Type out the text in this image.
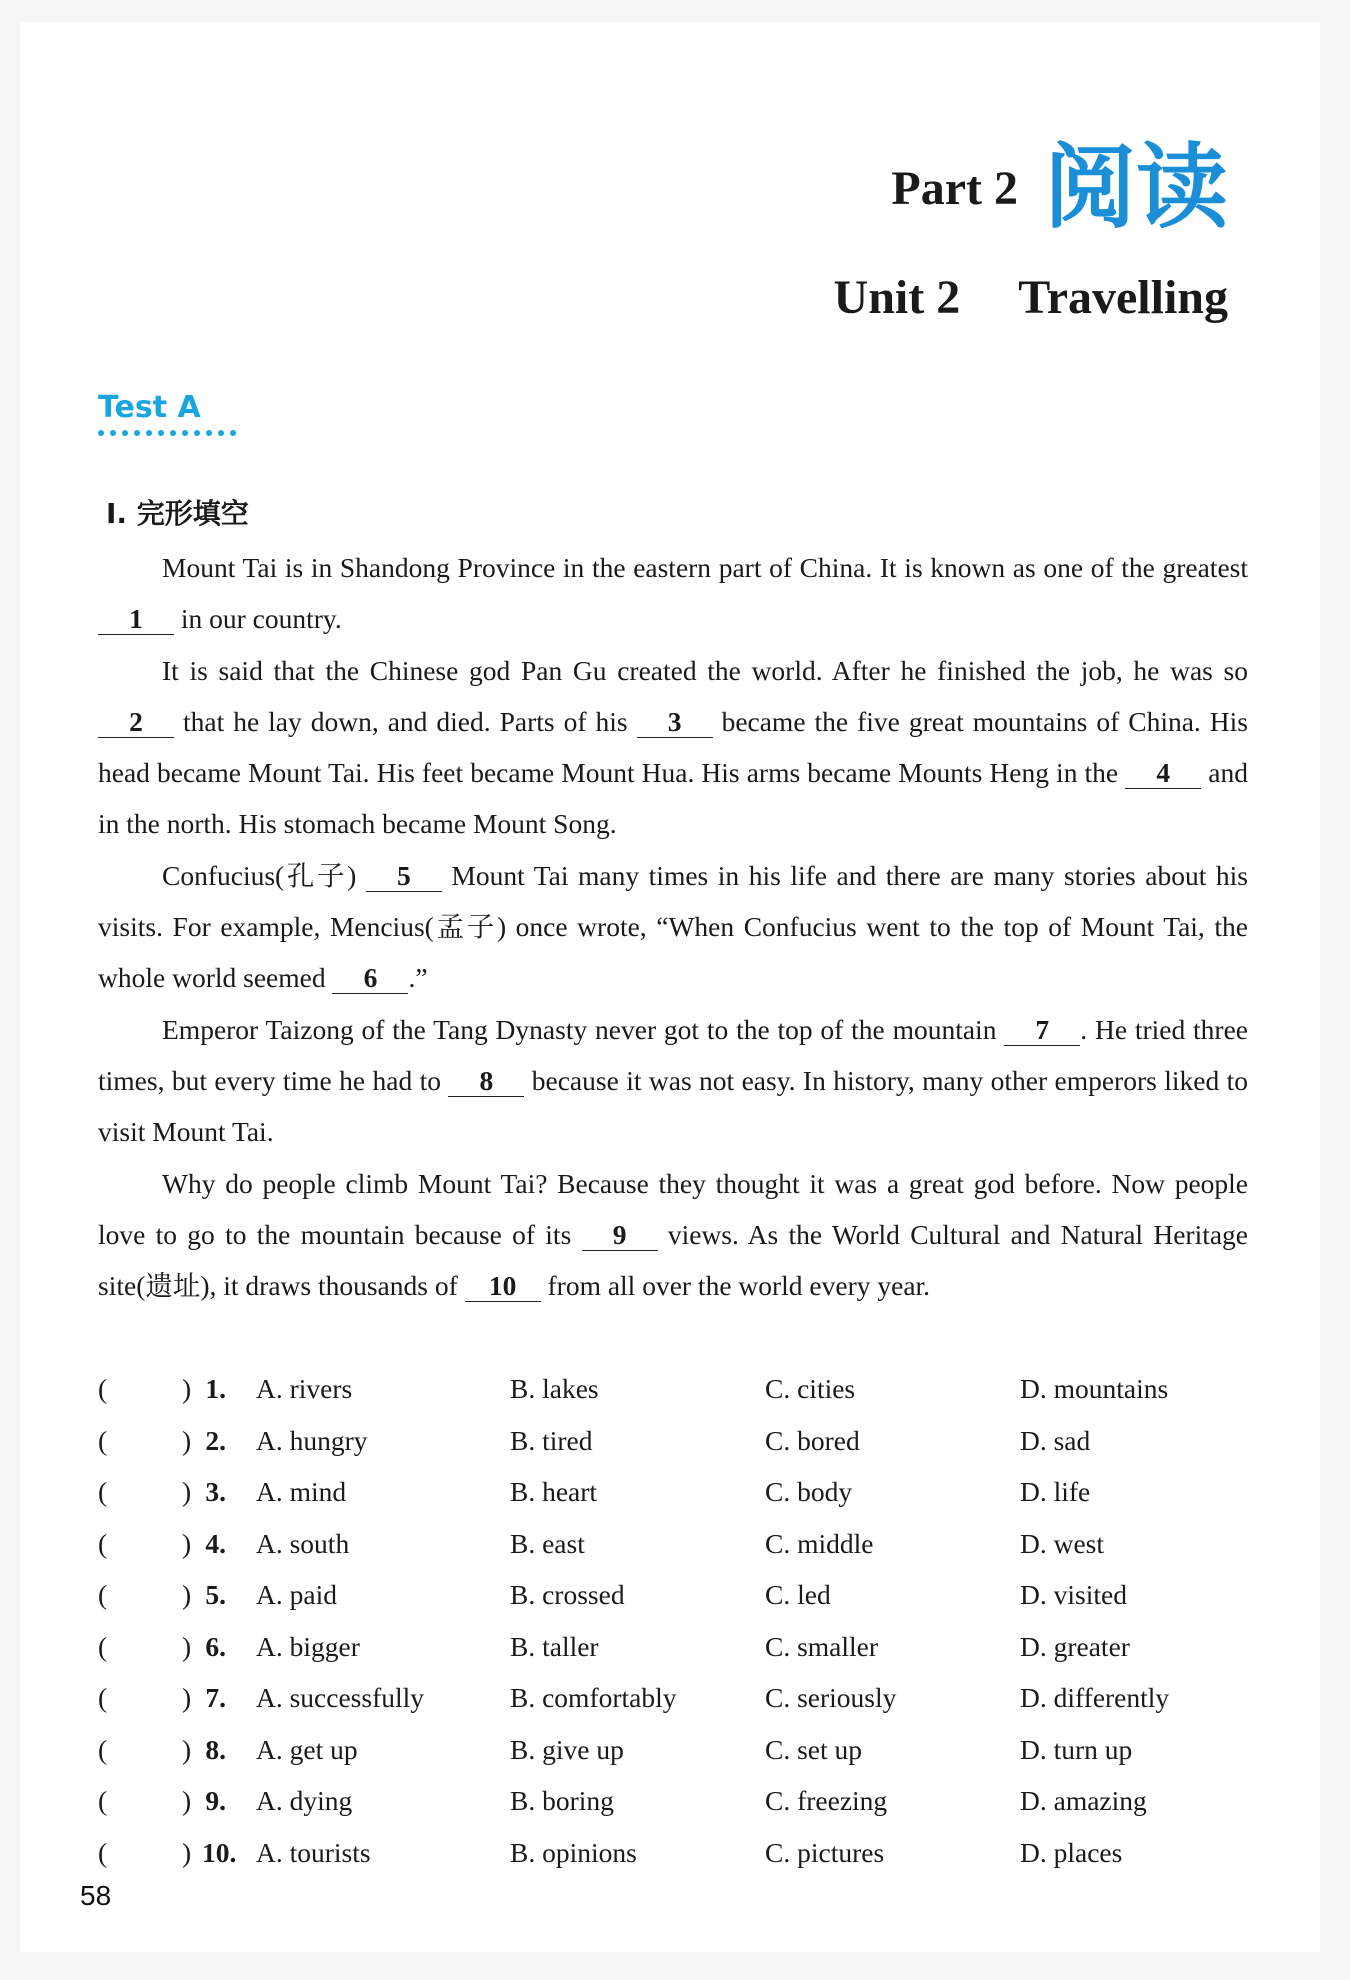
Part 2 阅读
Unit 2 Travelling
Test A
Ⅰ. 完形填空

Mount Tai is in Shandong Province in the eastern part of China. It is known as one of the greatest 1 in our country.

It is said that the Chinese god Pan Gu created the world. After he finished the job, he was so 2 that he lay down, and died. Parts of his 3 became the five great mountains of China. His head became Mount Tai. His feet became Mount Hua. His arms became Mounts Heng in the 4 and in the north. His stomach became Mount Song.

Confucius(孔子) 5 Mount Tai many times in his life and there are many stories about his visits. For example, Mencius(孟子) once wrote, “When Confucius went to the top of Mount Tai, the whole world seemed 6 .”

Emperor Taizong of the Tang Dynasty never got to the top of the mountain 7 . He tried three times, but every time he had to 8 because it was not easy. In history, many other emperors liked to visit Mount Tai.

Why do people climb Mount Tai? Because they thought it was a great god before. Now people love to go to the mountain because of its 9 views. As the World Cultural and Natural Heritage site(遗址), it draws thousands of 10 from all over the world every year.

(	) 1. A. rivers	B. lakes	C. cities	D. mountains
(	) 2. A. hungry	B. tired	C. bored	D. sad
(	) 3. A. mind	B. heart	C. body	D. life
(	) 4. A. south	B. east	C. middle	D. west
(	) 5. A. paid	B. crossed	C. led	D. visited
(	) 6. A. bigger	B. taller	C. smaller	D. greater
(	) 7. A. successfully	B. comfortably	C. seriously	D. differently
(	) 8. A. get up	B. give up	C. set up	D. turn up
(	) 9. A. dying	B. boring	C. freezing	D. amazing
(	) 10. A. tourists	B. opinions	C. pictures	D. places
58
